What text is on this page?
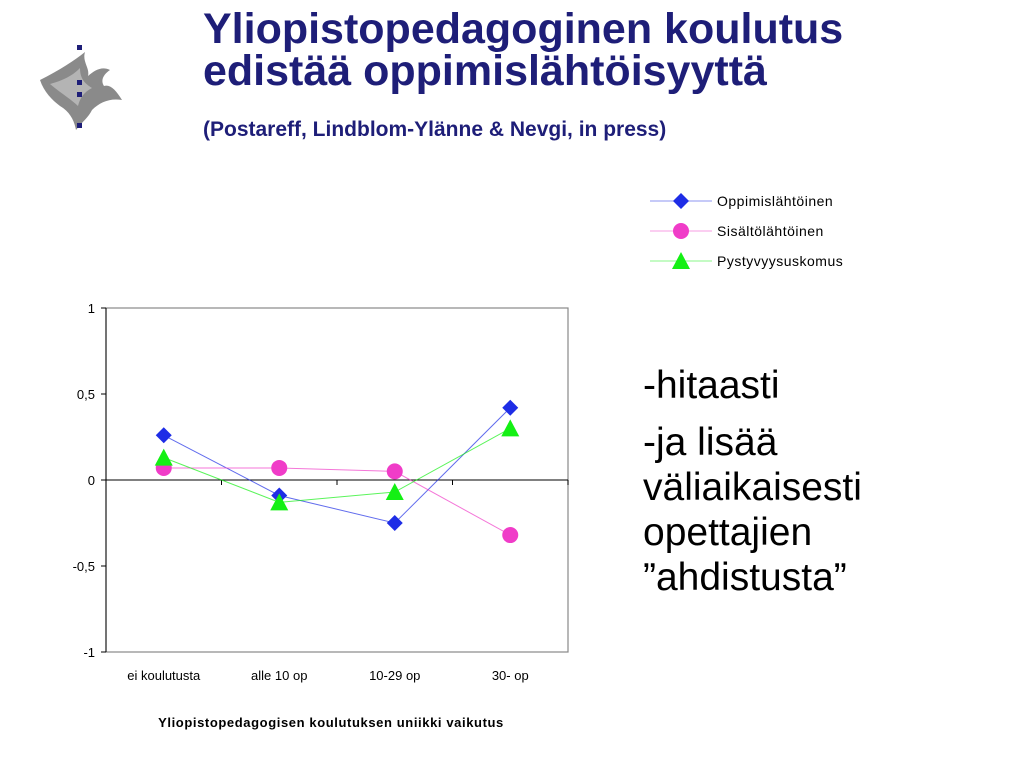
Yliopistopedagoginen koulutus
edistää oppimislähtöisyyttä

(Postareff, Lindblom-Ylänne & Nevgi, in press)

Oppimislähtöinen
Sisältölähtöinen
Pystyvyysuskomus
1
0,5
0
-0,5
-1
ei koulutusta	alle 10 op	10-29 op	30- op
Yliopistopedagogisen koulutuksen uniikki vaikutus

-hitaasti

-ja lisää väliaikaisesti opettajien ”ahdistusta”
